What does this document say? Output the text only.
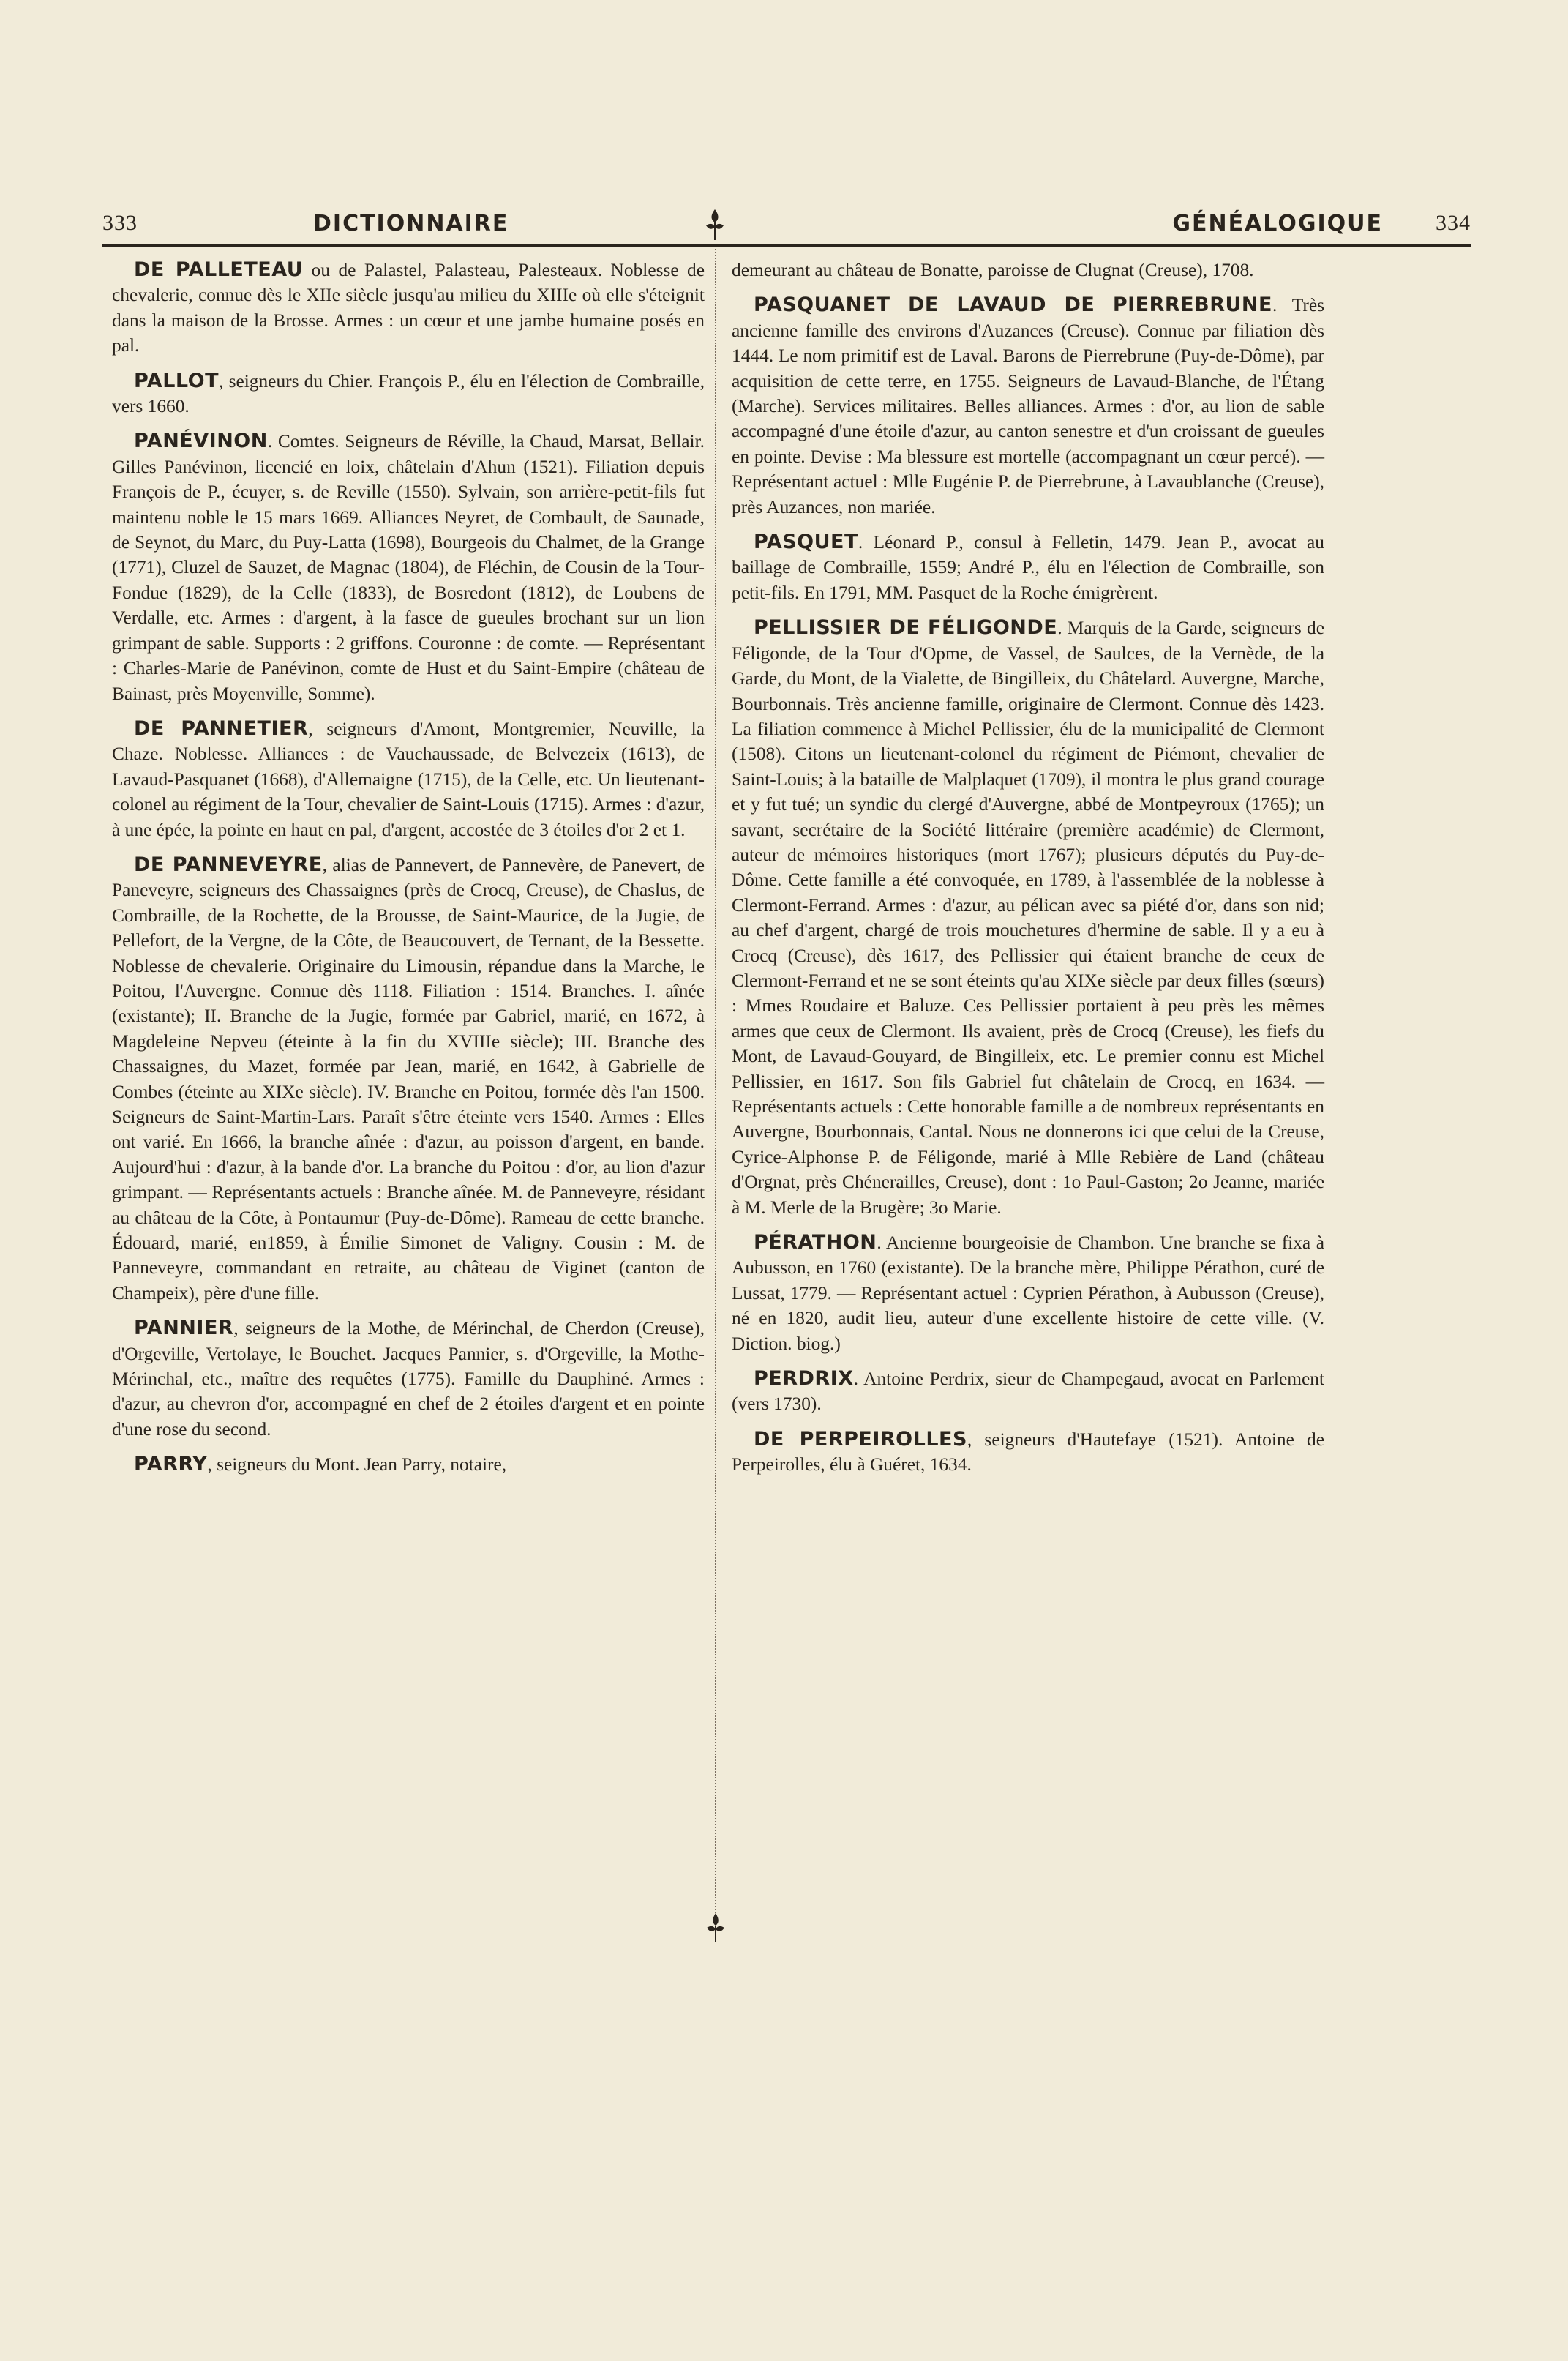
333	DICTIONNAIRE	GÉNÉALOGIQUE 334

DE PALLETEAU ou de Palastel, Palasteau, Palesteaux. Noblesse de chevalerie, connue dès le XIIe siècle jusqu'au milieu du XIIIe où elle s'éteignit dans la maison de la Brosse. Armes : un cœur et une jambe humaine posés en pal.

PALLOT, seigneurs du Chier. François P., élu en l'élection de Combraille, vers 1660.

PANÉVINON. Comtes. Seigneurs de Réville, la Chaud, Marsat, Bellair. Gilles Panévinon, licencié en loix, châtelain d'Ahun (1521). Filiation depuis François de P., écuyer, s. de Reville (1550). Sylvain, son arrière-petit-fils fut maintenu noble le 15 mars 1669. Alliances Neyret, de Combault, de Saunade, de Seynot, du Marc, du Puy-Latta (1698), Bourgeois du Chalmet, de la Grange (1771), Cluzel de Sauzet, de Magnac (1804), de Fléchin, de Cousin de la Tour-Fondue (1829), de la Celle (1833), de Bosredont (1812), de Loubens de Verdalle, etc. Armes : d'argent, à la fasce de gueules brochant sur un lion grimpant de sable. Supports : 2 griffons. Couronne : de comte. — Représentant : Charles-Marie de Panévinon, comte de Hust et du Saint-Empire (château de Bainast, près Moyenville, Somme).

DE PANNETIER, seigneurs d'Amont, Montgremier, Neuville, la Chaze. Noblesse. Alliances : de Vauchaussade, de Belvezeix (1613), de Lavaud-Pasquanet (1668), d'Allemaigne (1715), de la Celle, etc. Un lieutenant-colonel au régiment de la Tour, chevalier de Saint-Louis (1715). Armes : d'azur, à une épée, la pointe en haut en pal, d'argent, accostée de 3 étoiles d'or 2 et 1.

DE PANNEVEYRE, alias de Pannevert, de Pannevère, de Panevert, de Paneveyre, seigneurs des Chassaignes (près de Crocq, Creuse), de Chaslus, de Combraille, de la Rochette, de la Brousse, de Saint-Maurice, de la Jugie, de Pellefort, de la Vergne, de la Côte, de Beaucouvert, de Ternant, de la Bessette. Noblesse de chevalerie. Originaire du Limousin, répandue dans la Marche, le Poitou, l'Auvergne. Connue dès 1118. Filiation : 1514. Branches. I. aînée (existante); II. Branche de la Jugie, formée par Gabriel, marié, en 1672, à Magdeleine Nepveu (éteinte à la fin du XVIIIe siècle); III. Branche des Chassaignes, du Mazet, formée par Jean, marié, en 1642, à Gabrielle de Combes (éteinte au XIXe siècle). IV. Branche en Poitou, formée dès l'an 1500. Seigneurs de Saint-Martin-Lars. Paraît s'être éteinte vers 1540. Armes : Elles ont varié. En 1666, la branche aînée : d'azur, au poisson d'argent, en bande. Aujourd'hui : d'azur, à la bande d'or. La branche du Poitou : d'or, au lion d'azur grimpant. — Représentants actuels : Branche aînée. M. de Panneveyre, résidant au château de la Côte, à Pontaumur (Puy-de-Dôme). Rameau de cette branche. Édouard, marié, en1859, à Émilie Simonet de Valigny. Cousin : M. de Panneveyre, commandant en retraite, au château de Viginet (canton de Champeix), père d'une fille.

PANNIER, seigneurs de la Mothe, de Mérinchal, de Cherdon (Creuse), d'Orgeville, Vertolaye, le Bouchet. Jacques Pannier, s. d'Orgeville, la Mothe-Mérinchal, etc., maître des requêtes (1775). Famille du Dauphiné. Armes : d'azur, au chevron d'or, accompagné en chef de 2 étoiles d'argent et en pointe d'une rose du second.

PARRY, seigneurs du Mont. Jean Parry, notaire,

demeurant au château de Bonatte, paroisse de Clugnat (Creuse), 1708.

PASQUANET DE LAVAUD DE PIERREBRUNE. Très ancienne famille des environs d'Auzances (Creuse). Connue par filiation dès 1444. Le nom primitif est de Laval. Barons de Pierrebrune (Puy-de-Dôme), par acquisition de cette terre, en 1755. Seigneurs de Lavaud-Blanche, de l'Étang (Marche). Services militaires. Belles alliances. Armes : d'or, au lion de sable accompagné d'une étoile d'azur, au canton senestre et d'un croissant de gueules en pointe. Devise : Ma blessure est mortelle (accompagnant un cœur percé). — Représentant actuel : Mlle Eugénie P. de Pierrebrune, à Lavaublanche (Creuse), près Auzances, non mariée.

PASQUET. Léonard P., consul à Felletin, 1479. Jean P., avocat au baillage de Combraille, 1559; André P., élu en l'élection de Combraille, son petit-fils. En 1791, MM. Pasquet de la Roche émigrèrent.

PELLISSIER DE FÉLIGONDE. Marquis de la Garde, seigneurs de Féligonde, de la Tour d'Opme, de Vassel, de Saulces, de la Vernède, de la Garde, du Mont, de la Vialette, de Bingilleix, du Châtelard. Auvergne, Marche, Bourbonnais. Très ancienne famille, originaire de Clermont. Connue dès 1423. La filiation commence à Michel Pellissier, élu de la municipalité de Clermont (1508). Citons un lieutenant-colonel du régiment de Piémont, chevalier de Saint-Louis; à la bataille de Malplaquet (1709), il montra le plus grand courage et y fut tué; un syndic du clergé d'Auvergne, abbé de Montpeyroux (1765); un savant, secrétaire de la Société littéraire (première académie) de Clermont, auteur de mémoires historiques (mort 1767); plusieurs députés du Puy-de-Dôme. Cette famille a été convoquée, en 1789, à l'assemblée de la noblesse à Clermont-Ferrand. Armes : d'azur, au pélican avec sa piété d'or, dans son nid; au chef d'argent, chargé de trois mouchetures d'hermine de sable. Il y a eu à Crocq (Creuse), dès 1617, des Pellissier qui étaient branche de ceux de Clermont-Ferrand et ne se sont éteints qu'au XIXe siècle par deux filles (sœurs) : Mmes Roudaire et Baluze. Ces Pellissier portaient à peu près les mêmes armes que ceux de Clermont. Ils avaient, près de Crocq (Creuse), les fiefs du Mont, de Lavaud-Gouyard, de Bingilleix, etc. Le premier connu est Michel Pellissier, en 1617. Son fils Gabriel fut châtelain de Crocq, en 1634. — Représentants actuels : Cette honorable famille a de nombreux représentants en Auvergne, Bourbonnais, Cantal. Nous ne donnerons ici que celui de la Creuse, Cyrice-Alphonse P. de Féligonde, marié à Mlle Rebière de Land (château d'Orgnat, près Chénerailles, Creuse), dont : 1o Paul-Gaston; 2o Jeanne, mariée à M. Merle de la Brugère; 3o Marie.

PÉRATHON. Ancienne bourgeoisie de Chambon. Une branche se fixa à Aubusson, en 1760 (existante). De la branche mère, Philippe Pérathon, curé de Lussat, 1779. — Représentant actuel : Cyprien Pérathon, à Aubusson (Creuse), né en 1820, audit lieu, auteur d'une excellente histoire de cette ville. (V. Diction. biog.)

PERDRIX. Antoine Perdrix, sieur de Champegaud, avocat en Parlement (vers 1730).

DE PERPEIROLLES, seigneurs d'Hautefaye (1521). Antoine de Perpeirolles, élu à Guéret, 1634.
